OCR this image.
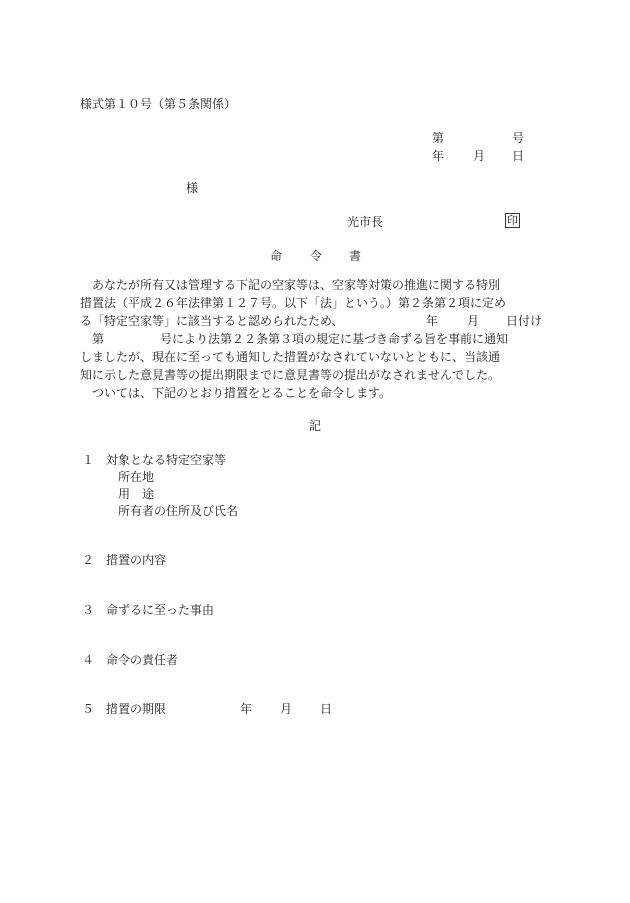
様式第１０号（第５条関係）
第	号
年 月 日
様
光市長	印
命 令 書
あなたが所有又は管理する下記の空家等は、空家等対策の推進に関する特別
措置法（平成２６年法律第１２７号。以下「法」という。）第２条第２項に定め
る「特定空家等」に該当すると認められたため、	年 月 日付け
第	号により法第２２条第３項の規定に基づき命ずる旨を事前に通知
しましたが、現在に至っても通知した措置がなされていないとともに、当該通
知に示した意見書等の提出期限までに意見書等の提出がなされませんでした。
ついては、下記のとおり措置をとることを命令します。
記
１ 対象となる特定空家等
所在地
用　途
所有者の住所及び氏名
２ 措置の内容
３ 命ずるに至った事由
４ 命令の責任者
５ 措置の期限	年 月 日
